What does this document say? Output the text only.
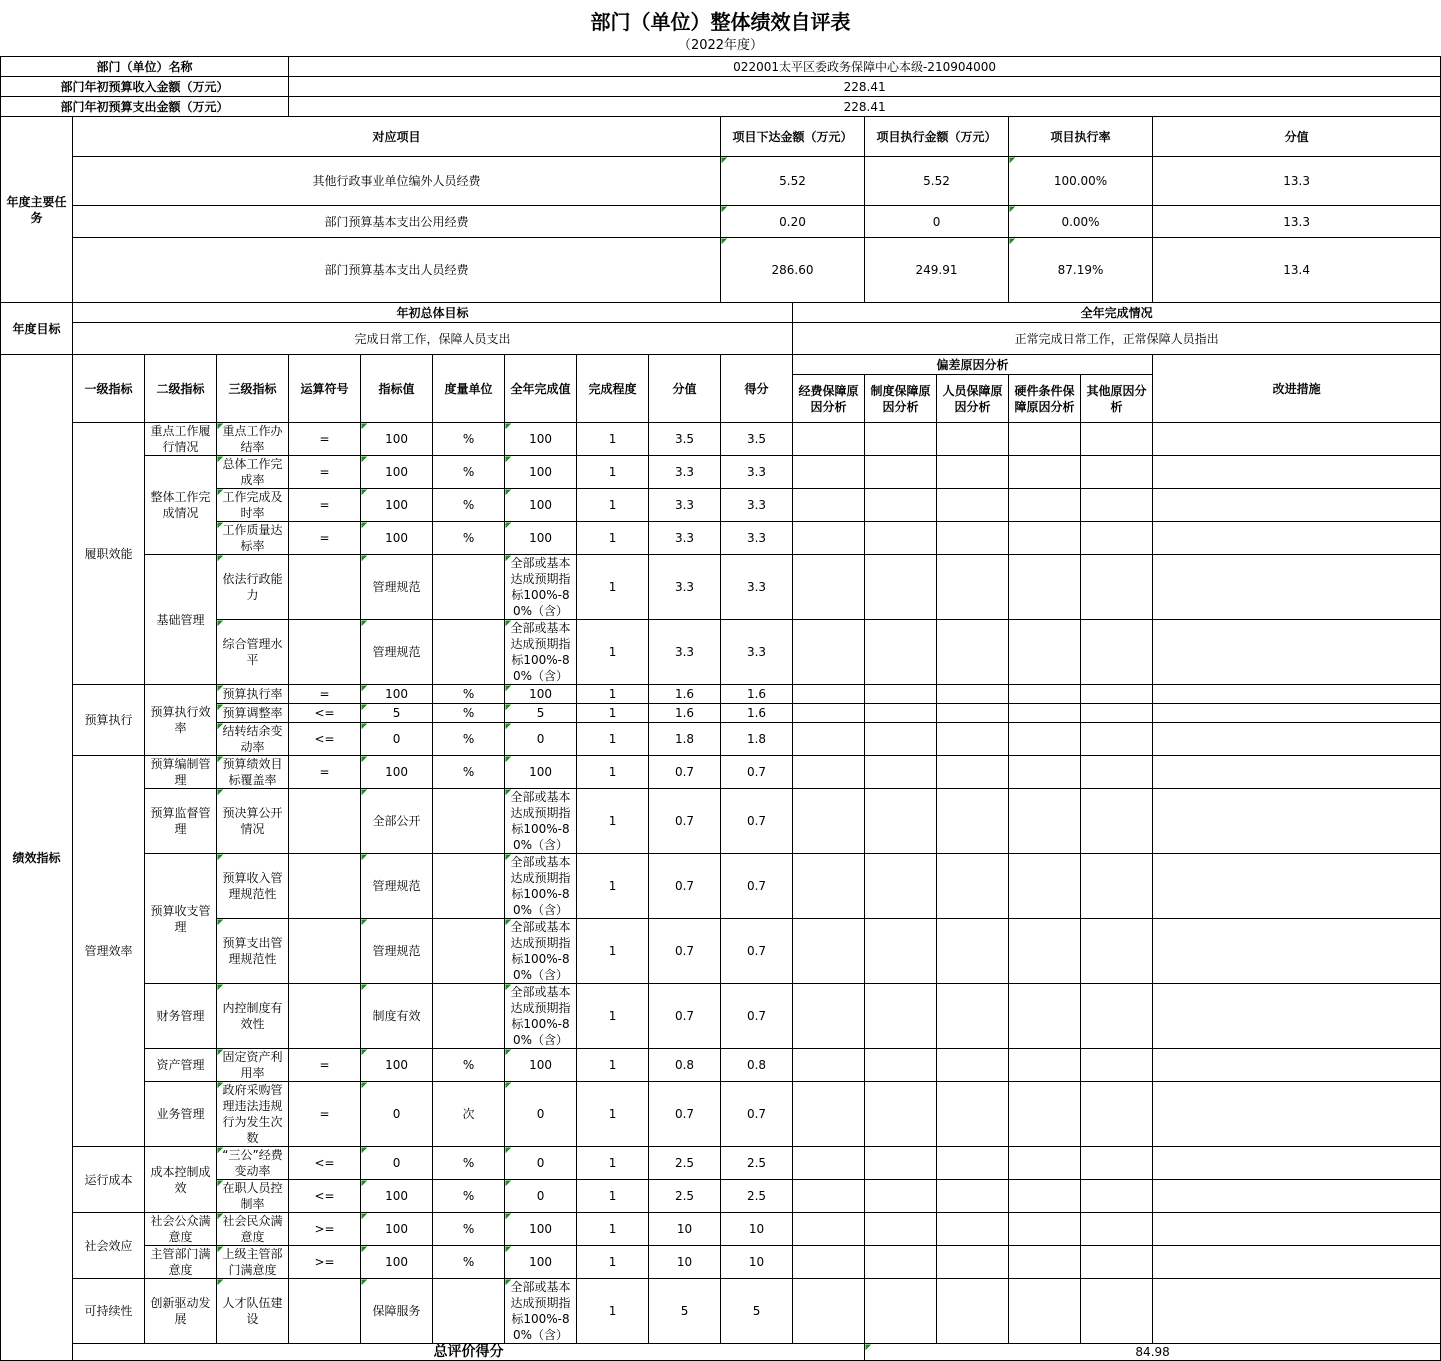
部门（单位）整体绩效自评表
（2022年度）
部门（单位）名称				022001太平区委政务保障中心本级-210904000													
部门年初预算收入金额（万元）				228.41													
部门年初预算支出金额（万元）				228.41													
年度主要任务	对应项目									项目下达金额（万元）		项目执行金额（万元）		项目执行率		分值	
	其他行政事业单位编外人员经费									5.52		5.52		100.00%		13.3	
	部门预算基本支出公用经费									0.20		0		0.00%		13.3	
	部门预算基本支出人员经费									286.60		249.91		87.19%		13.4	
年度目标	年初总体目标										全年完成情况						
	完成日常工作，保障人员支出										正常完成日常工作，正常保障人员指出						
绩效指标	一级指标	二级指标	三级指标	运算符号	指标值	度量单位	全年完成值	完成程度	分值	得分	偏差原因分析					改进措施	
											经费保障原因分析	制度保障原因分析	人员保障原因分析	硬件条件保障原因分析	其他原因分析		
	履职效能	重点工作履行情况	重点工作办结率	=	100	%	100	1	3.5	3.5							
		整体工作完成情况	总体工作完成率	=	100	%	100	1	3.3	3.3							
			工作完成及时率	=	100	%	100	1	3.3	3.3							
			工作质量达标率	=	100	%	100	1	3.3	3.3							
		基础管理	依法行政能力		管理规范		全部或基本达成预期指标100%-80%（含）	1	3.3	3.3							
			综合管理水平		管理规范		全部或基本达成预期指标100%-80%（含）	1	3.3	3.3							
	预算执行	预算执行效率	预算执行率	=	100	%	100	1	1.6	1.6							
			预算调整率	<=	5	%	5	1	1.6	1.6							
			结转结余变动率	<=	0	%	0	1	1.8	1.8							
	管理效率	预算编制管理	预算绩效目标覆盖率	=	100	%	100	1	0.7	0.7							
		预算监督管理	预决算公开情况		全部公开		全部或基本达成预期指标100%-80%（含）	1	0.7	0.7							
		预算收支管理	预算收入管理规范性		管理规范		全部或基本达成预期指标100%-80%（含）	1	0.7	0.7							
			预算支出管理规范性		管理规范		全部或基本达成预期指标100%-80%（含）	1	0.7	0.7							
		财务管理	内控制度有效性		制度有效		全部或基本达成预期指标100%-80%（含）	1	0.7	0.7							
		资产管理	固定资产利用率	=	100	%	100	1	0.8	0.8							
		业务管理	政府采购管理违法违规行为发生次数	=	0	次	0	1	0.7	0.7							
	运行成本	成本控制成效	“三公”经费变动率	<=	0	%	0	1	2.5	2.5							
			在职人员控制率	<=	100	%	0	1	2.5	2.5							
	社会效应	社会公众满意度	社会民众满意度	>=	100	%	100	1	10	10							
		主管部门满意度	上级主管部门满意度	>=	100	%	100	1	10	10							
	可持续性	创新驱动发展	人才队伍建设		保障服务		全部或基本达成预期指标100%-80%（含）	1	5	5							
	总评价得分											84.98					
